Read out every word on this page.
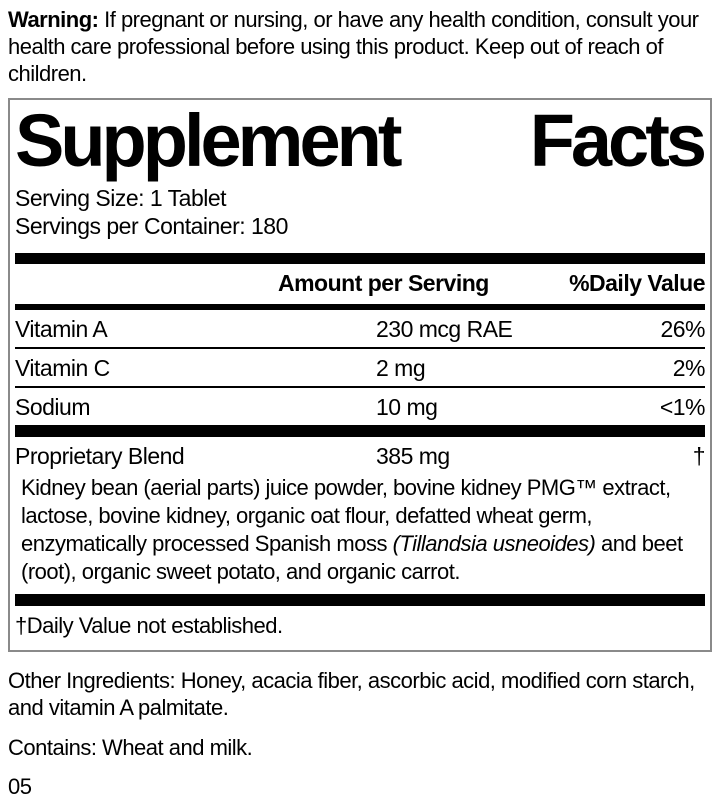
Warning: If pregnant or nursing, or have any health condition, consult your health care professional before using this product. Keep out of reach of children.
Supplement Facts
Serving Size: 1 Tablet
Servings per Container: 180
Amount per Serving	%Daily Value
Vitamin A	230 mcg RAE	26%
Vitamin C	2 mg	2%
Sodium	10 mg	<1%
Proprietary Blend	385 mg	†
Kidney bean (aerial parts) juice powder, bovine kidney PMG™ extract, lactose, bovine kidney, organic oat flour, defatted wheat germ, enzymatically processed Spanish moss (Tillandsia usneoides) and beet (root), organic sweet potato, and organic carrot.
†Daily Value not established.
Other Ingredients: Honey, acacia fiber, ascorbic acid, modified corn starch, and vitamin A palmitate.
Contains: Wheat and milk.
05
